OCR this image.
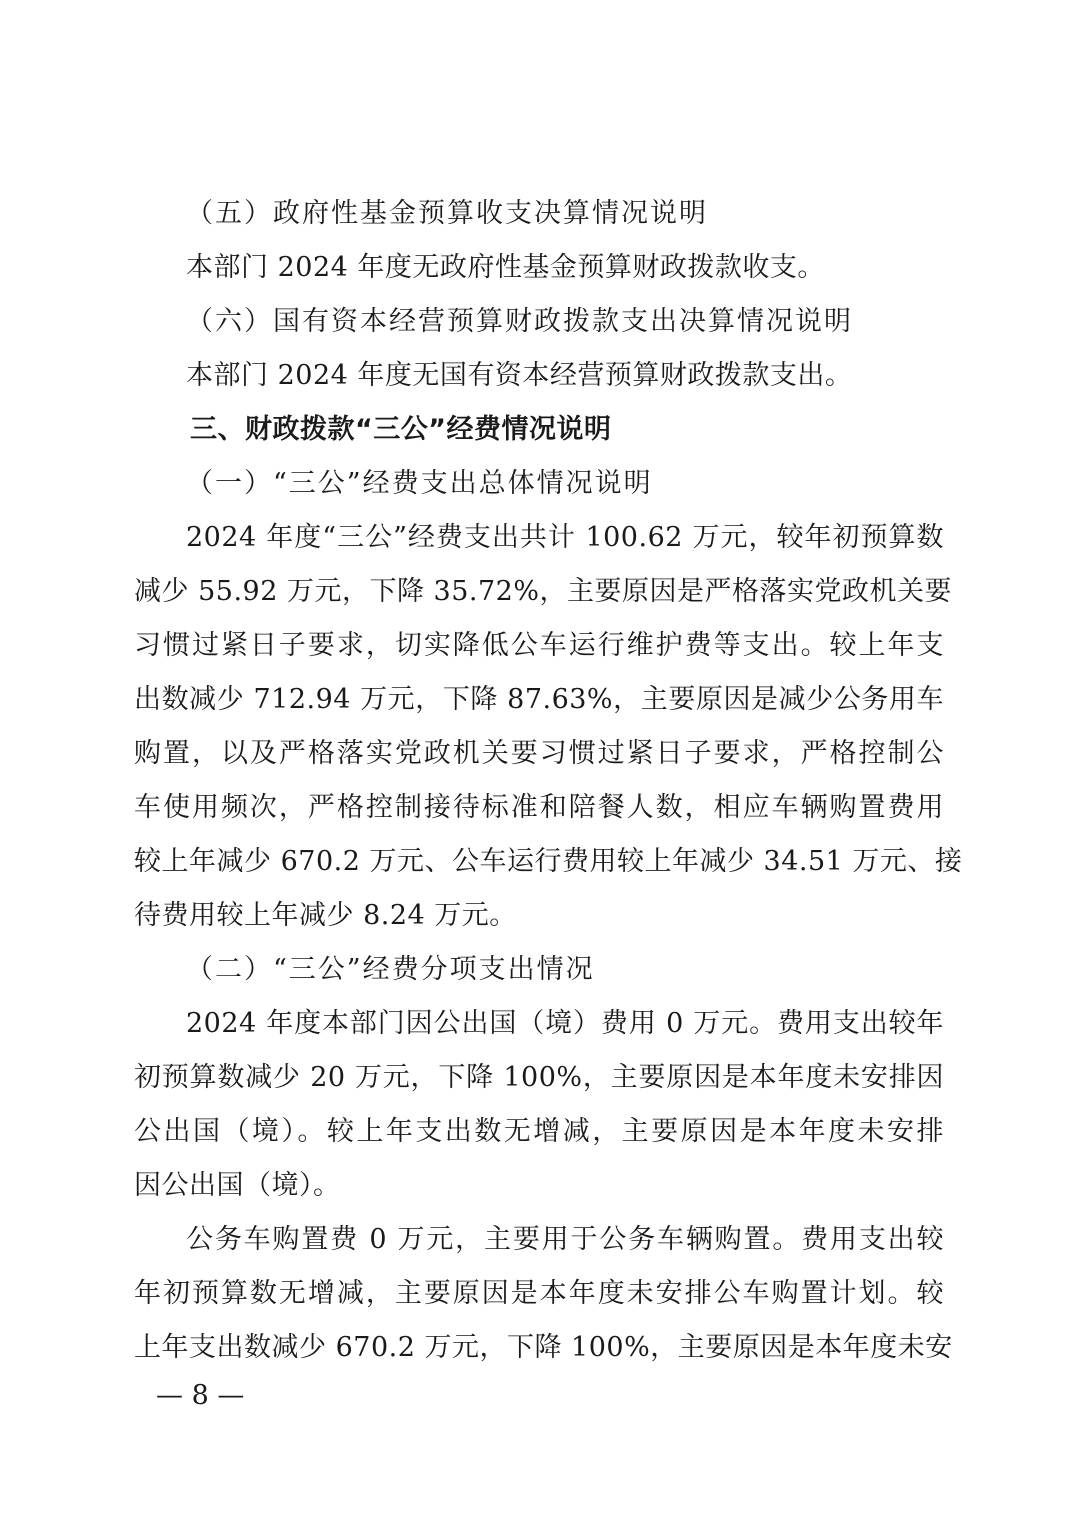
（五）政府性基金预算收支决算情况说明
本部门 2024 年度无政府性基金预算财政拨款收支。
（六）国有资本经营预算财政拨款支出决算情况说明
本部门 2024 年度无国有资本经营预算财政拨款支出。
三、财政拨款“三公”经费情况说明
（一）“三公”经费支出总体情况说明
2024 年度“三公”经费支出共计 100.62 万元，较年初预算数
减少 55.92 万元，下降 35.72%，主要原因是严格落实党政机关要
习惯过紧日子要求，切实降低公车运行维护费等支出。较上年支
出数减少 712.94 万元，下降 87.63%，主要原因是减少公务用车
购置，以及严格落实党政机关要习惯过紧日子要求，严格控制公
车使用频次，严格控制接待标准和陪餐人数，相应车辆购置费用
较上年减少 670.2 万元、公车运行费用较上年减少 34.51 万元、接
待费用较上年减少 8.24 万元。
（二）“三公”经费分项支出情况
2024 年度本部门因公出国（境）费用 0 万元。费用支出较年
初预算数减少 20 万元，下降 100%，主要原因是本年度未安排因
公出国（境）。较上年支出数无增减，主要原因是本年度未安排
因公出国（境）。
公务车购置费 0 万元，主要用于公务车辆购置。费用支出较
年初预算数无增减，主要原因是本年度未安排公车购置计划。较
上年支出数减少 670.2 万元，下降 100%，主要原因是本年度未安
— 8 —
